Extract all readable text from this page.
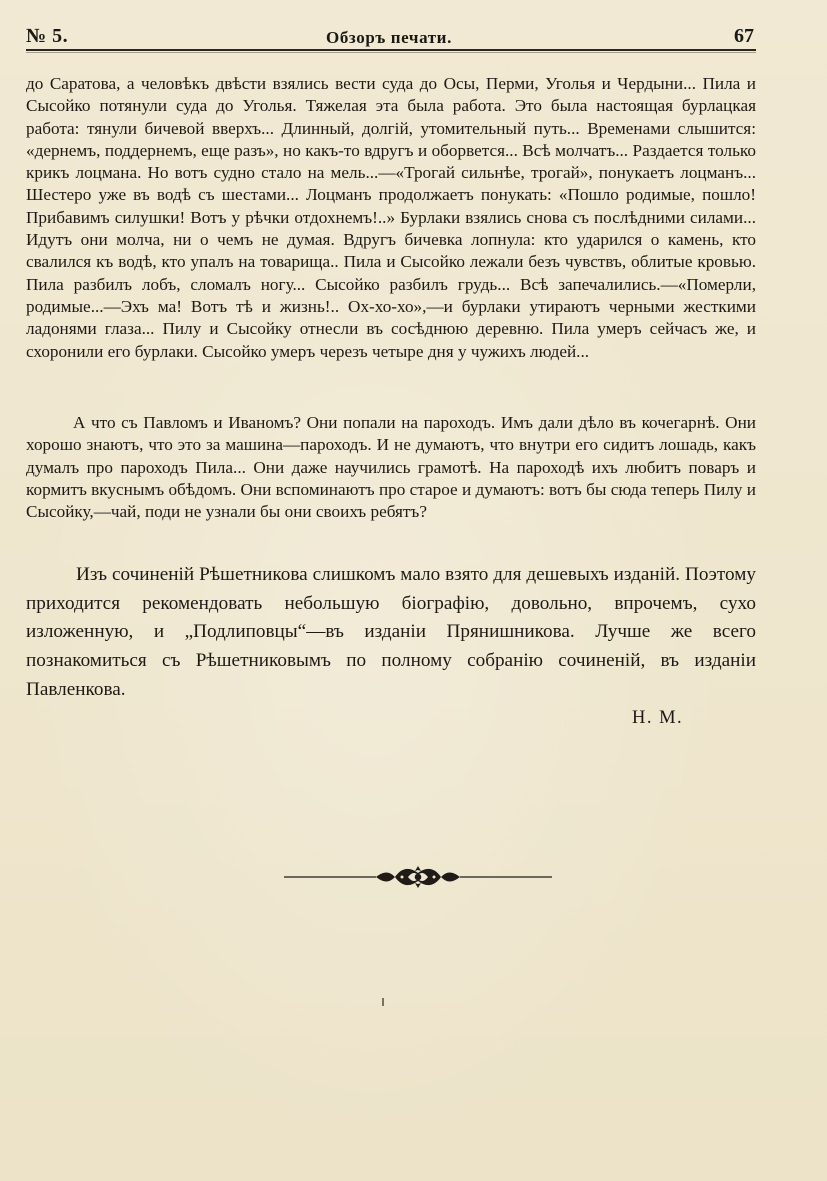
№ 5.	Обзоръ печати.	67

до Саратова, а человѣкъ двѣсти взялись вести суда до Осы, Перми, Уголья и Чердыни... Пила и Сысойко потянули суда до Уголья. Тяжелая эта была работа. Это была настоящая бурлацкая работа: тянули бичевой вверхъ... Длинный, долгій, утомительный путь... Временами слышится: «дернемъ, поддернемъ, еще разъ», но какъ-то вдругъ и оборвется... Всѣ молчатъ... Раздается только крикъ лоцмана. Но вотъ судно стало на мель...—«Трогай сильнѣе, трогай», понукаетъ лоцманъ... Шестеро уже въ водѣ съ шестами... Лоцманъ продолжаетъ понукать: «Пошло родимые, пошло! Прибавимъ силушки! Вотъ у рѣчки отдохнемъ!..» Бурлаки взялись снова съ послѣдними силами... Идутъ они молча, ни о чемъ не думая. Вдругъ бичевка лопнула: кто ударился о камень, кто свалился къ водѣ, кто упалъ на товарища.. Пила и Сысойко лежали безъ чувствъ, облитые кровью. Пила разбилъ лобъ, сломалъ ногу... Сысойко разбилъ грудь... Всѣ запечалились.—«Померли, родимые...—Эхъ ма! Вотъ тѣ и жизнь!.. Ох-хо-хо»,—и бурлаки утираютъ черными жесткими ладонями глаза... Пилу и Сысойку отнесли въ сосѣднюю деревню. Пила умеръ сейчасъ же, и схоронили его бурлаки. Сысойко умеръ черезъ четыре дня у чужихъ людей...

А что съ Павломъ и Иваномъ? Они попали на пароходъ. Имъ дали дѣло въ кочегарнѣ. Они хорошо знаютъ, что это за машина—пароходъ. И не думаютъ, что внутри его сидитъ лошадь, какъ думалъ про пароходъ Пила... Они даже научились грамотѣ. На пароходѣ ихъ любитъ поваръ и кормитъ вкуснымъ обѣдомъ. Они вспоминаютъ про старое и думаютъ: вотъ бы сюда теперь Пилу и Сысойку,—чай, поди не узнали бы они своихъ ребятъ?

Изъ сочиненій Рѣшетникова слишкомъ мало взято для дешевыхъ изданій. Поэтому приходится рекомендовать небольшую біографію, довольно, впрочемъ, сухо изложенную, и „Подлиповцы“—въ изданіи Прянишникова. Лучше же всего познакомиться съ Рѣшетниковымъ по полному собранію сочиненій, въ изданіи Павленкова.

Н. М.
